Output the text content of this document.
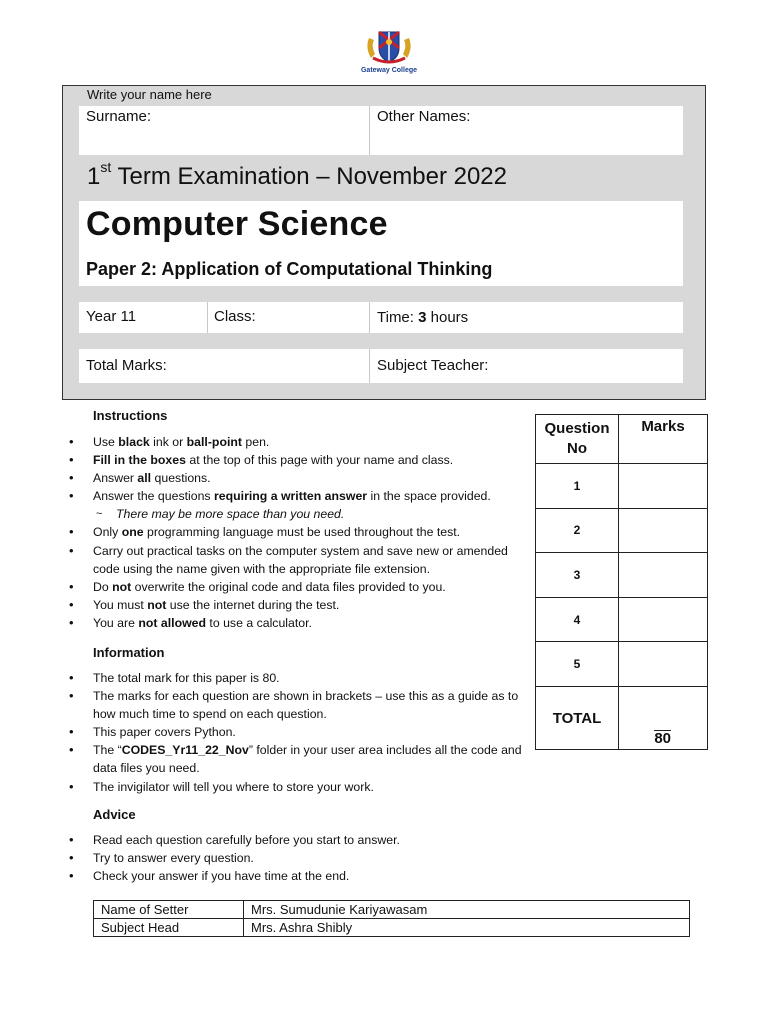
Gateway College
Write your name here
Surname:	Other Names:
1st Term Examination – November 2022
Computer Science
Paper 2: Application of Computational Thinking
Year 11	Class:	Time: 3 hours
Total Marks:	Subject Teacher:
Instructions
• Use black ink or ball-point pen.
• Fill in the boxes at the top of this page with your name and class.
• Answer all questions.
• Answer the questions requiring a written answer in the space provided.
~ There may be more space than you need.
• Only one programming language must be used throughout the test.
• Carry out practical tasks on the computer system and save new or amended code using the name given with the appropriate file extension.
• Do not overwrite the original code and data files provided to you.
• You must not use the internet during the test.
• You are not allowed to use a calculator.
Information
• The total mark for this paper is 80.
• The marks for each question are shown in brackets – use this as a guide as to how much time to spend on each question.
• This paper covers Python.
• The “CODES_Yr11_22_Nov” folder in your user area includes all the code and data files you need.
• The invigilator will tell you where to store your work.
Advice
• Read each question carefully before you start to answer.
• Try to answer every question.
• Check your answer if you have time at the end.
Question No	Marks
1	
2	
3	
4	
5	
TOTAL	80
Name of Setter	Mrs. Sumudunie Kariyawasam
Subject Head	Mrs. Ashra Shibly
